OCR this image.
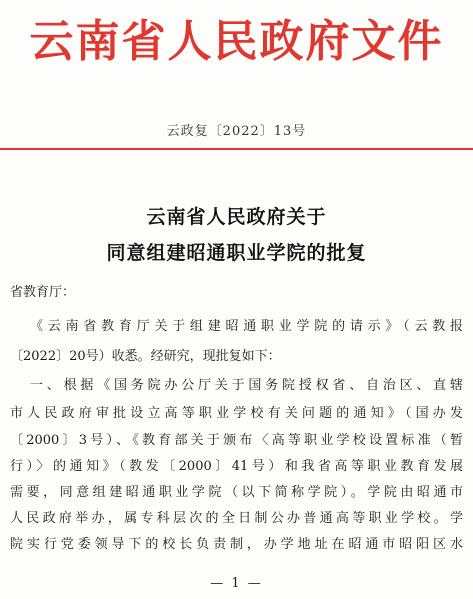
云南省人民政府文件
云政复〔2022〕13号
云南省人民政府关于
同意组建昭通职业学院的批复
省教育厅：
《云南省教育厅关于组建昭通职业学院的请示》（云教报
〔2022〕20号）收悉。经研究，现批复如下：
一、根据《国务院办公厅关于国务院授权省、自治区、直辖
市人民政府审批设立高等职业学校有关问题的通知》（国办发
〔2000〕3号）、《教育部关于颁布〈高等职业学校设置标准（暂
行）〉的通知》（教发〔2000〕41号）和我省高等职业教育发展
需要，同意组建昭通职业学院（以下简称学院）。学院由昭通市
人民政府举办，属专科层次的全日制公办普通高等职业学校。学
院实行党委领导下的校长负责制，办学地址在昭通市昭阳区水
— 1 —
